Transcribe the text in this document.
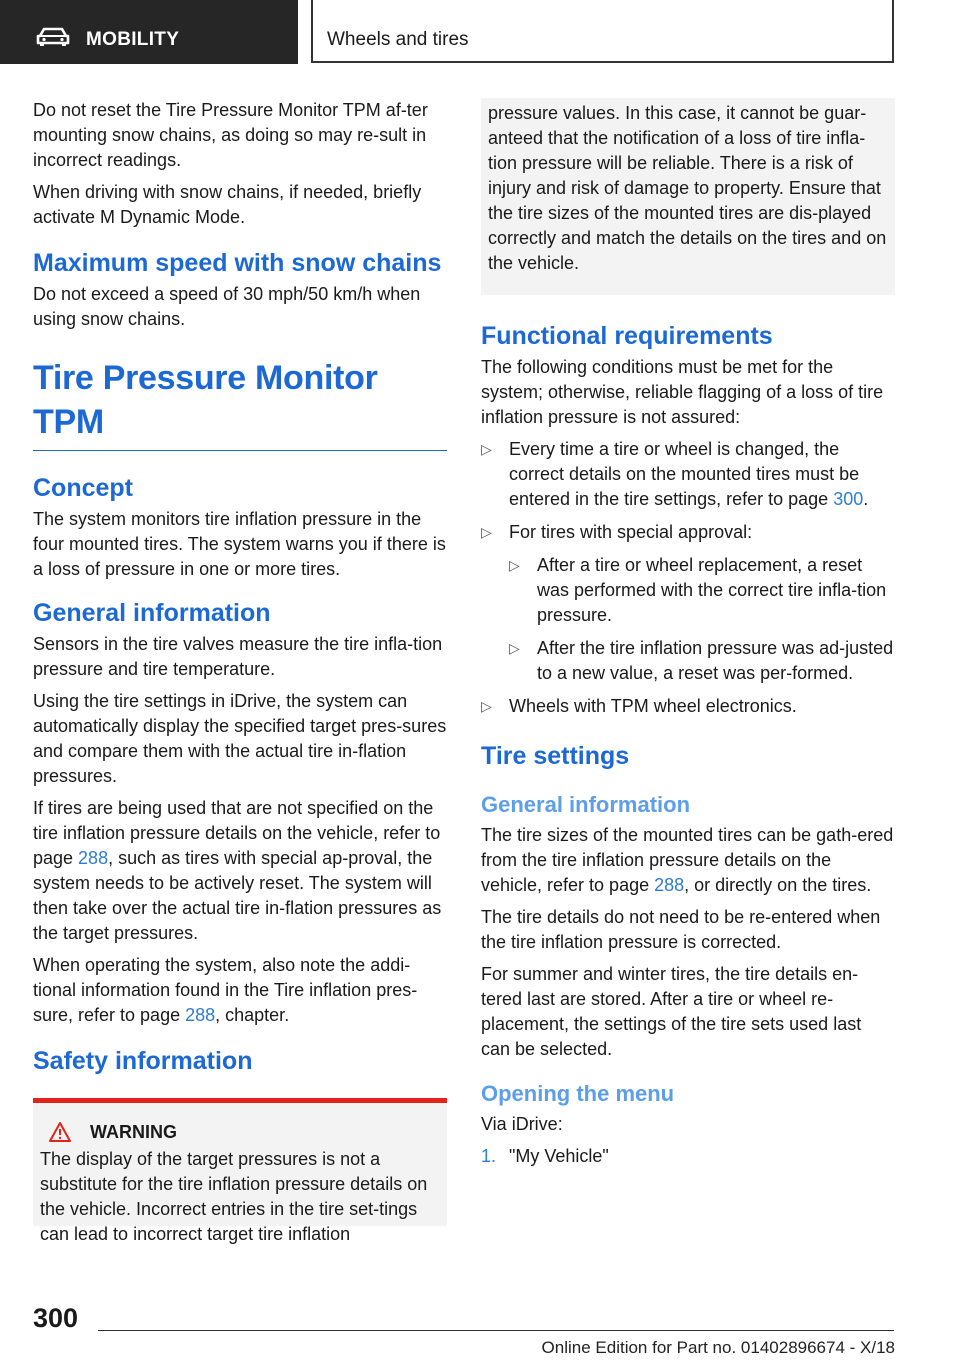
MOBILITY	Wheels and tires

Do not reset the Tire Pressure Monitor TPM af‐ter mounting snow chains, as doing so may re‐sult in incorrect readings.

When driving with snow chains, if needed, briefly activate M Dynamic Mode.

Maximum speed with snow chains

Do not exceed a speed of 30 mph/50 km/h when using snow chains.

Tire Pressure Monitor TPM
Concept

The system monitors tire inflation pressure in the four mounted tires. The system warns you if there is a loss of pressure in one or more tires.

General information

Sensors in the tire valves measure the tire infla‐tion pressure and tire temperature.

Using the tire settings in iDrive, the system can automatically display the specified target pres‐sures and compare them with the actual tire in‐flation pressures.

If tires are being used that are not specified on the tire inflation pressure details on the vehicle, refer to page 288, such as tires with special ap‐proval, the system needs to be actively reset. The system will then take over the actual tire in‐flation pressures as the target pressures.

When operating the system, also note the addi‐tional information found in the Tire inflation pres‐sure, refer to page 288, chapter.

Safety information
WARNING

The display of the target pressures is not a substitute for the tire inflation pressure details on the vehicle. Incorrect entries in the tire set‐tings can lead to incorrect target tire inflation

pressure values. In this case, it cannot be guar‐anteed that the notification of a loss of tire infla‐tion pressure will be reliable. There is a risk of injury and risk of damage to property. Ensure that the tire sizes of the mounted tires are dis‐played correctly and match the details on the tires and on the vehicle.

Functional requirements

The following conditions must be met for the system; otherwise, reliable flagging of a loss of tire inflation pressure is not assured:

▷ Every time a tire or wheel is changed, the correct details on the mounted tires must be entered in the tire settings, refer to page 300.
▷ For tires with special approval:
▷ After a tire or wheel replacement, a reset was performed with the correct tire infla‐tion pressure.
▷ After the tire inflation pressure was ad‐justed to a new value, a reset was per‐formed.
▷ Wheels with TPM wheel electronics.
Tire settings
General information

The tire sizes of the mounted tires can be gath‐ered from the tire inflation pressure details on the vehicle, refer to page 288, or directly on the tires.

The tire details do not need to be re-entered when the tire inflation pressure is corrected.

For summer and winter tires, the tire details en‐tered last are stored. After a tire or wheel re‐placement, the settings of the tire sets used last can be selected.

Opening the menu

Via iDrive:

1. "My Vehicle"
300
Online Edition for Part no. 01402896674 - X/18
